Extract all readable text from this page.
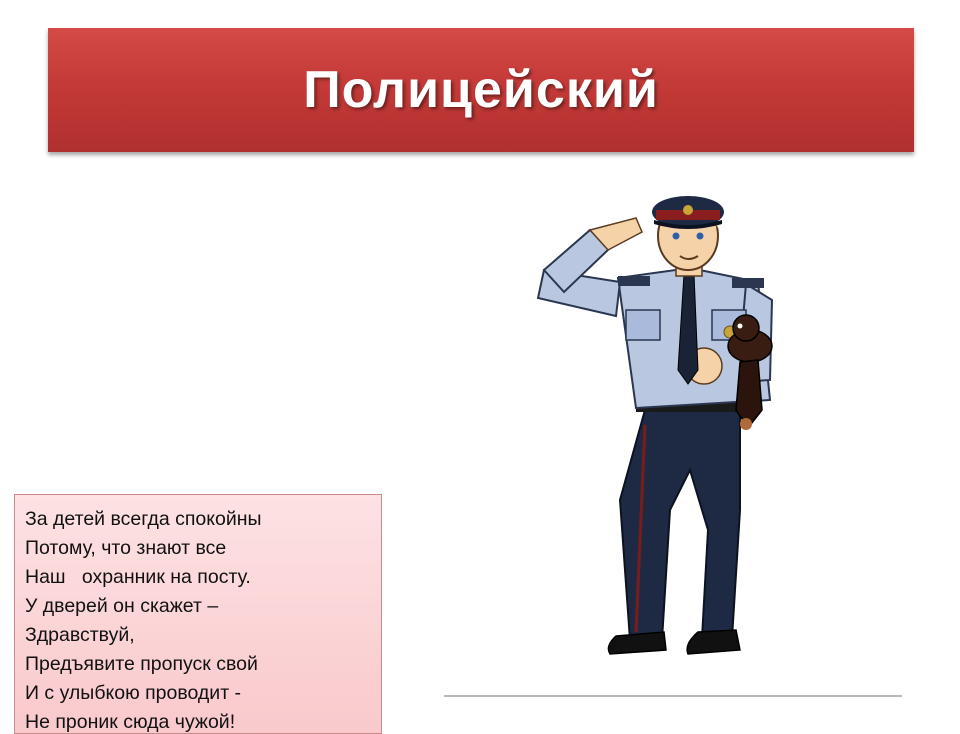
Полицейский
За детей всегда спокойны
Потому, что знают все
Наш   охранник на посту.
У дверей он скажет –
Здравствуй,
Предъявите пропуск свой
И с улыбкою проводит -
Не проник сюда чужой!
